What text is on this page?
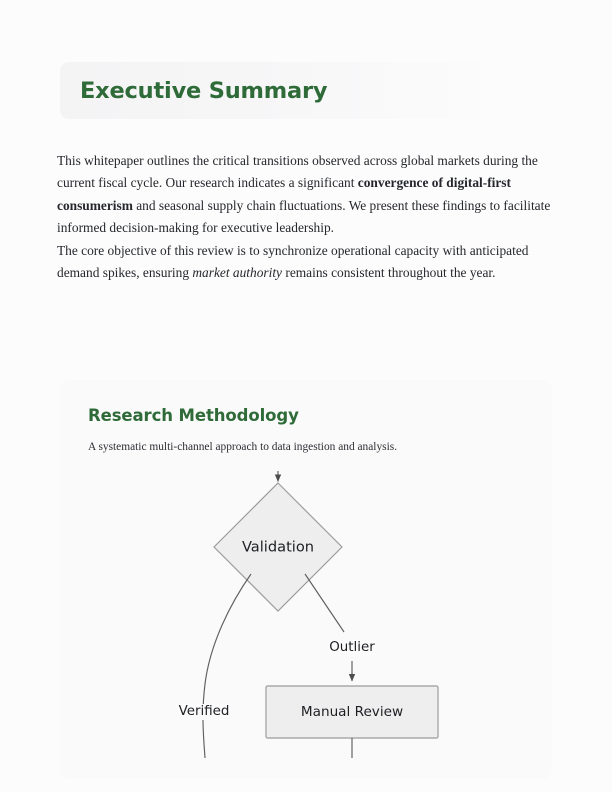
Executive Summary

This whitepaper outlines the critical transitions observed across global markets during the current fiscal cycle. Our research indicates a significant convergence of digital-first consumerism and seasonal supply chain fluctuations. We present these findings to facilitate informed decision-making for executive leadership.

The core objective of this review is to synchronize operational capacity with anticipated demand spikes, ensuring market authority remains consistent throughout the year.

Research Methodology

A systematic multi-channel approach to data ingestion and analysis.

Validation
Manual Review
Verified
Outlier
